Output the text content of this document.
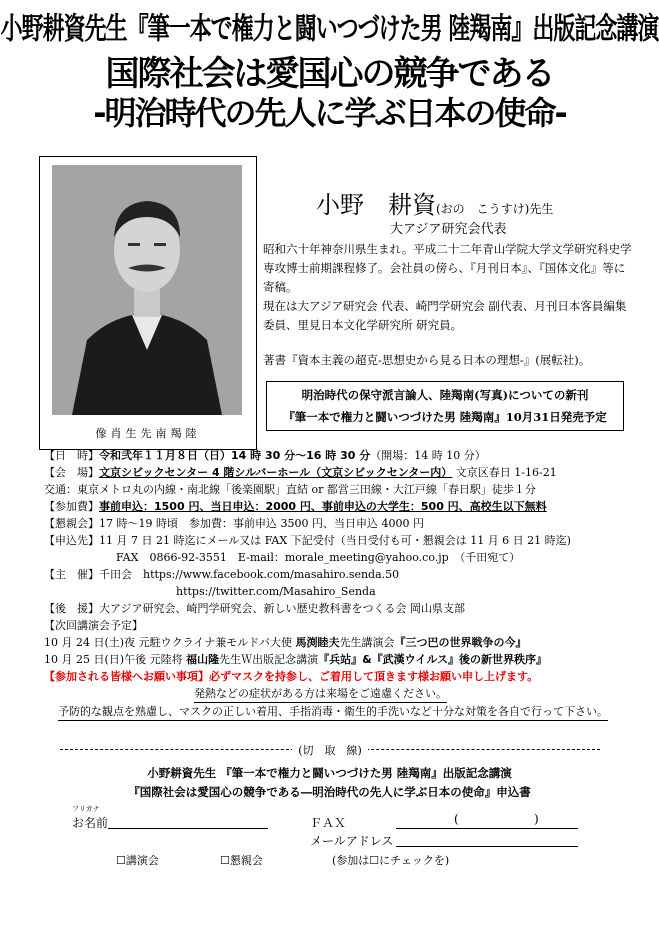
小野耕資先生『筆一本で権力と闘いつづけた男 陸羯南』出版記念講演
国際社会は愛国心の競争である
-明治時代の先人に学ぶ日本の使命-
像肖生先南羯陸
小野　耕資(おの　こうすけ)先生
大アジア研究会代表
昭和六十年神奈川県生まれ。平成二十二年青山学院大学文学研究科史学専攻博士前期課程修了。会社員の傍ら、『月刊日本』、『国体文化』等に寄稿。
現在は大アジア研究会 代表、崎門学研究会 副代表、月刊日本客員編集委員、里見日本文化学研究所 研究員。
著書『資本主義の超克-思想史から見る日本の理想-』(展転社)。
明治時代の保守派言論人、陸羯南(写真)についての新刊
『筆一本で権力と闘いつづけた男 陸羯南』10月31日発売予定
【日　時】令和弐年１１月８日（日）14 時 30 分～16 時 30 分（開場：14 時 10 分）
【会　場】文京シビックセンター 4 階シルバーホール（文京シビックセンター内） 文京区春日 1-16-21
交通：東京メトロ丸の内線・南北線「後楽園駅」直結 or 都営三田線・大江戸線「春日駅」徒歩１分
【参加費】事前申込：1500 円、当日申込：2000 円、事前申込の大学生：500 円、高校生以下無料
【懇親会】17 時～19 時頃　参加費：事前申込 3500 円、当日申込 4000 円
【申込先】11 月 7 日 21 時迄にメール又は FAX 下記受付（当日受付も可・懇親会は 11 月 6 日 21 時迄)
FAX　0866-92-3551　E-mail：morale_meeting@yahoo.co.jp　（千田宛て）
【主　催】千田会　https://www.facebook.com/masahiro.senda.50
https://twitter.com/Masahiro_Senda
【後　援】大アジア研究会、崎門学研究会、新しい歴史教科書をつくる会 岡山県支部
【次回講演会予定】
10 月 24 日(土)夜 元駐ウクライナ兼モルドバ大使 馬渕睦夫先生講演会『三つ巴の世界戦争の今』
10 月 25 日(日)午後 元陸将 福山隆先生Ｗ出版記念講演『兵站』&『武漢ウイルス』後の新世界秩序』
【参加される皆様へお願い事項】必ずマスクを持参し、ご着用して頂きます様お願い申し上げます。
発熱などの症状がある方は来場をご遠慮ください。
予防的な観点を熟慮し、マスクの正しい着用、手指消毒・衛生的手洗いなど十分な対策を各自で行って下さい。
(切　取　線)
小野耕資先生 『筆一本で権力と闘いつづけた男 陸羯南』出版記念講演
『国際社会は愛国心の競争である―明治時代の先人に学ぶ日本の使命』申込書
フリガナ
お名前	ＦＡＸ	(	)
メールアドレス
☐講演会	☐懇親会	(参加は☐にチェックを)
